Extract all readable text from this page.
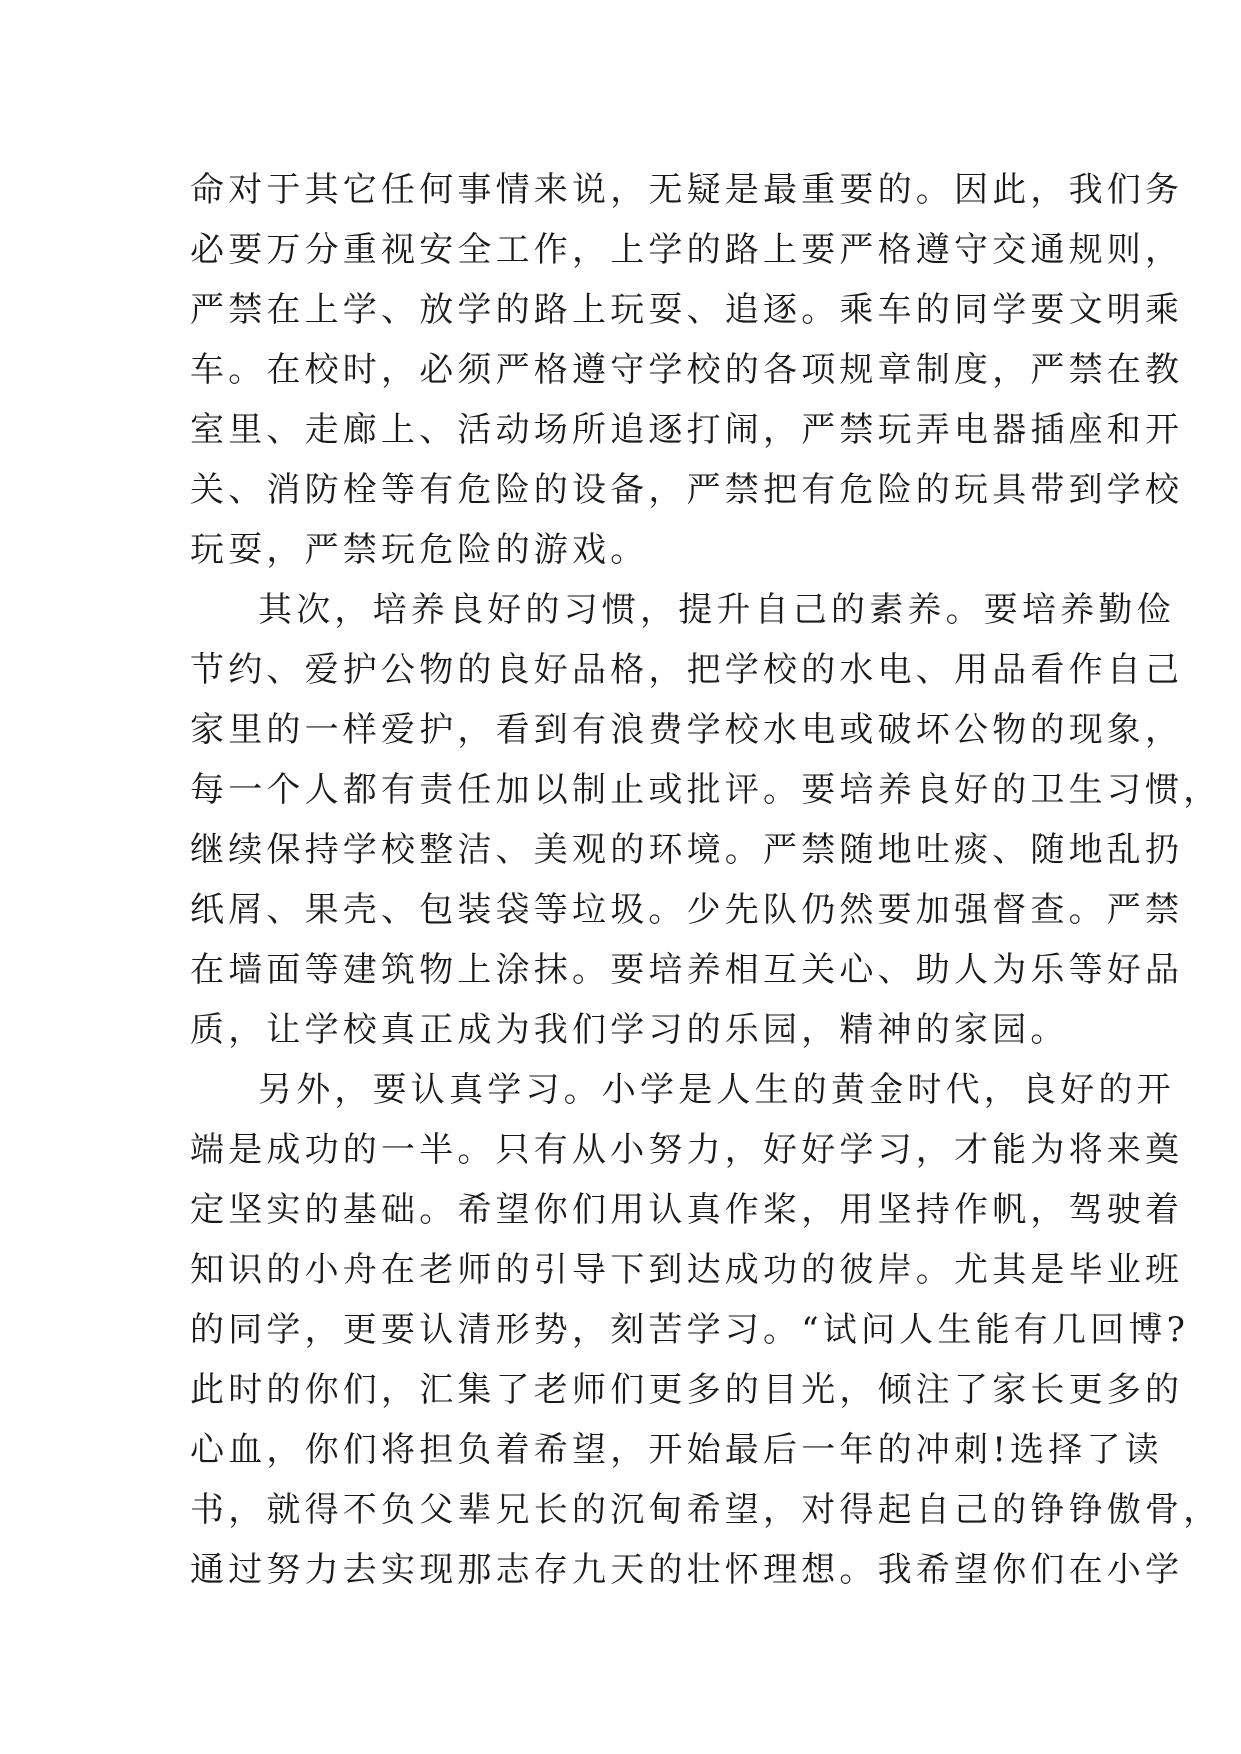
命对于其它任何事情来说，无疑是最重要的。因此，我们务
必要万分重视安全工作，上学的路上要严格遵守交通规则，
严禁在上学、放学的路上玩耍、追逐。乘车的同学要文明乘
车。在校时，必须严格遵守学校的各项规章制度，严禁在教
室里、走廊上、活动场所追逐打闹，严禁玩弄电器插座和开
关、消防栓等有危险的设备，严禁把有危险的玩具带到学校
玩耍，严禁玩危险的游戏。
其次，培养良好的习惯，提升自己的素养。要培养勤俭
节约、爱护公物的良好品格，把学校的水电、用品看作自己
家里的一样爱护，看到有浪费学校水电或破坏公物的现象，
每一个人都有责任加以制止或批评。要培养良好的卫生习惯，
继续保持学校整洁、美观的环境。严禁随地吐痰、随地乱扔
纸屑、果壳、包装袋等垃圾。少先队仍然要加强督查。严禁
在墙面等建筑物上涂抹。要培养相互关心、助人为乐等好品
质，让学校真正成为我们学习的乐园，精神的家园。
另外，要认真学习。小学是人生的黄金时代，良好的开
端是成功的一半。只有从小努力，好好学习，才能为将来奠
定坚实的基础。希望你们用认真作桨，用坚持作帆，驾驶着
知识的小舟在老师的引导下到达成功的彼岸。尤其是毕业班
的同学，更要认清形势，刻苦学习。“试问人生能有几回博?
此时的你们，汇集了老师们更多的目光，倾注了家长更多的
心血，你们将担负着希望，开始最后一年的冲刺!选择了读
书，就得不负父辈兄长的沉甸希望，对得起自己的铮铮傲骨，
通过努力去实现那志存九天的壮怀理想。我希望你们在小学
